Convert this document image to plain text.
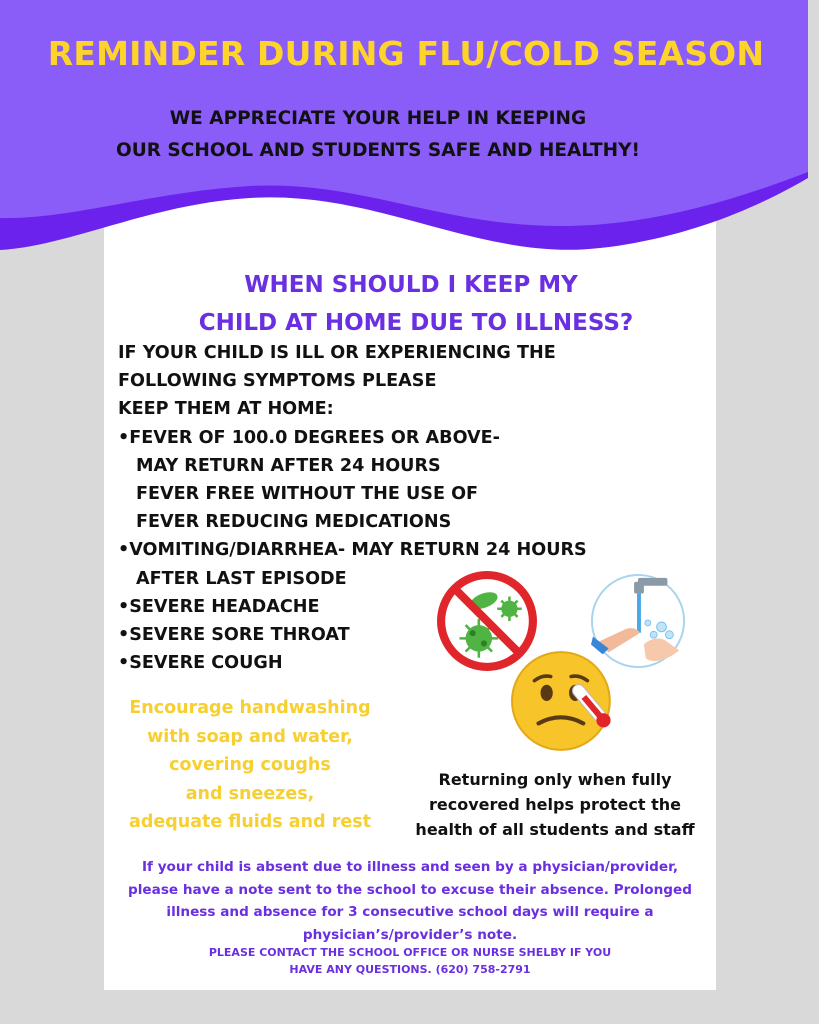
REMINDER DURING FLU/COLD SEASON
WE APPRECIATE YOUR HELP IN KEEPING
OUR SCHOOL AND STUDENTS SAFE AND HEALTHY!
WHEN SHOULD I KEEP MY
CHILD AT HOME DUE TO ILLNESS?
IF YOUR CHILD IS ILL OR EXPERIENCING THE
FOLLOWING SYMPTOMS PLEASE
KEEP THEM AT HOME:
•FEVER OF 100.0 DEGREES OR ABOVE-
MAY RETURN AFTER 24 HOURS
FEVER FREE WITHOUT THE USE OF
FEVER REDUCING MEDICATIONS
•VOMITING/DIARRHEA- MAY RETURN 24 HOURS
AFTER LAST EPISODE
•SEVERE HEADACHE
•SEVERE SORE THROAT
•SEVERE COUGH
Encourage handwashing
with soap and water,
covering coughs
and sneezes,
adequate fluids and rest
Returning only when fully
recovered helps protect the
health of all students and staff
If your child is absent due to illness and seen by a physician/provider,
please have a note sent to the school to excuse their absence. Prolonged
illness and absence for 3 consecutive school days will require a
physician’s/provider’s note.
PLEASE CONTACT THE SCHOOL OFFICE OR NURSE SHELBY IF YOU
HAVE ANY QUESTIONS. (620) 758-2791
